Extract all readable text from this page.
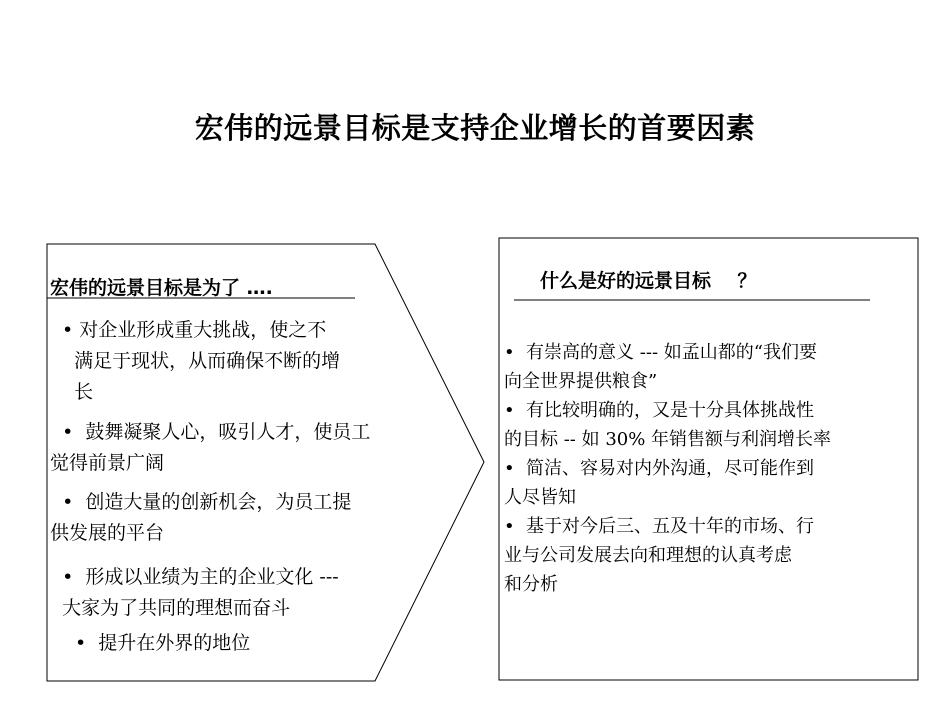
宏伟的远景目标是支持企业增长的首要因素
宏伟的远景目标是为了 ….
• 对企业形成重大挑战，使之不
满足于现状，从而确保不断的增
长
•  鼓舞凝聚人心，吸引人才，使员工
觉得前景广阔
•  创造大量的创新机会，为员工提
供发展的平台
•  形成以业绩为主的企业文化 ---
大家为了共同的理想而奋斗
•  提升在外界的地位
什么是好的远景目标    ？
•  有崇高的意义 --- 如孟山都的“我们要
向全世界提供粮食”
•  有比较明确的，又是十分具体挑战性
的目标 -- 如 30% 年销售额与利润增长率
•  简洁、容易对内外沟通，尽可能作到
人尽皆知
•  基于对今后三、五及十年的市场、行
业与公司发展去向和理想的认真考虑
和分析
